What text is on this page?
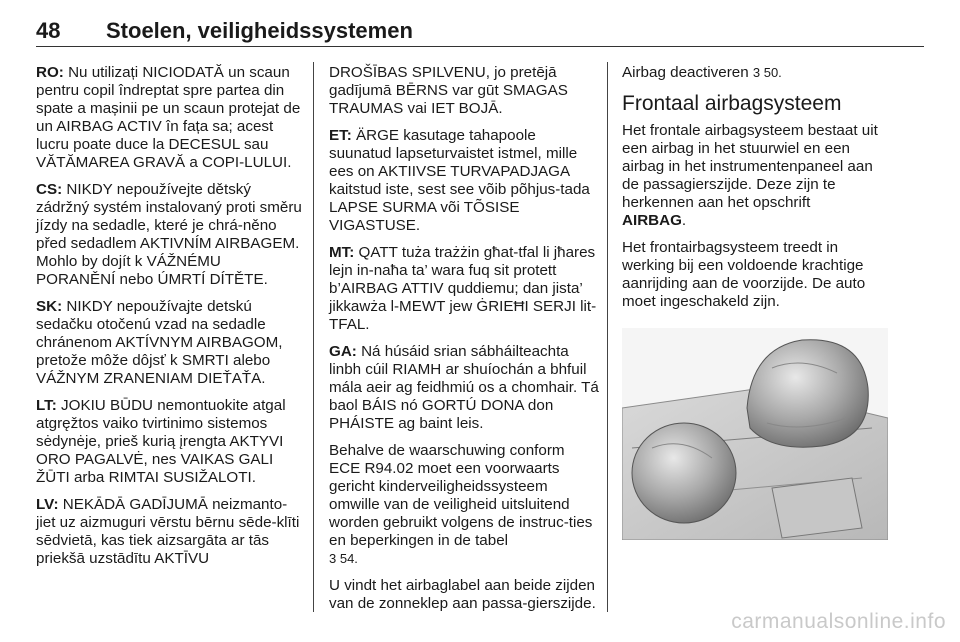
48 Stoelen, veiligheidssystemen

RO: Nu utilizați NICIODATĂ un scaun pentru copil îndreptat spre partea din spate a mașinii pe un scaun protejat de un AIRBAG ACTIV în fața sa; acest lucru poate duce la DECESUL sau VĂTĂMAREA GRAVĂ a COPI-LULUI.

CS: NIKDY nepoužívejte dětský zádržný systém instalovaný proti směru jízdy na sedadle, které je chrá-něno před sedadlem AKTIVNÍM AIRBAGEM. Mohlo by dojít k VÁŽNÉMU PORANĚNÍ nebo ÚMRTÍ DÍTĚTE.

SK: NIKDY nepoužívajte detskú sedačku otočenú vzad na sedadle chránenom AKTÍVNYM AIRBAGOM, pretože môže dôjsť k SMRTI alebo VÁŽNYM ZRANENIAM DIEŤAŤA.

LT: JOKIU BŪDU nemontuokite atgal atgręžtos vaiko tvirtinimo sistemos sėdynėje, prieš kurią įrengta AKTYVI ORO PAGALVĖ, nes VAIKAS GALI ŽŪTI arba RIMTAI SUSIŽALOTI.

LV: NEKĀDĀ GADĪJUMĀ neizmanto-jiet uz aizmuguri vērstu bērnu sēde-klīti sēdvietā, kas tiek aizsargāta ar tās priekšā uzstādītu AKTĪVU

DROŠĪBAS SPILVENU, jo pretējā gadījumā BĒRNS var gūt SMAGAS TRAUMAS vai IET BOJĀ.

ET: ÄRGE kasutage tahapoole suunatud lapseturvaistet istmel, mille ees on AKTIIVSE TURVAPADJAGA kaitstud iste, sest see võib põhjus-tada LAPSE SURMA või TÕSISE VIGASTUSE.

MT: QATT tuża trażżin għat-tfal li jħares lejn in-naħa ta’ wara fuq sit protett b’AIRBAG ATTIV quddiemu; dan jista’ jikkawża l-MEWT jew ĠRIEĦI SERJI lit-TFAL.

GA: Ná húsáid srian sábháilteachta linbh cúil RIAMH ar shuíochán a bhfuil mála aeir ag feidhmiú os a chomhair. Tá baol BÁIS nó GORTÚ DONA don PHÁISTE ag baint leis.

Behalve de waarschuwing conform ECE R94.02 moet een voorwaarts gericht kinderveiligheidssysteem omwille van de veiligheid uitsluitend worden gebruikt volgens de instruc-ties en beperkingen in de tabel
3 54.

U vindt het airbaglabel aan beide zijden van de zonneklep aan passa-gierszijde.

Airbag deactiveren 3 50.

Frontaal airbagsysteem

Het frontale airbagsysteem bestaat uit een airbag in het stuurwiel en een airbag in het instrumentenpaneel aan de passagierszijde. Deze zijn te herkennen aan het opschrift
AIRBAG.

Het frontairbagsysteem treedt in werking bij een voldoende krachtige aanrijding aan de voorzijde. De auto moet ingeschakeld zijn.

carmanualsonline.info
